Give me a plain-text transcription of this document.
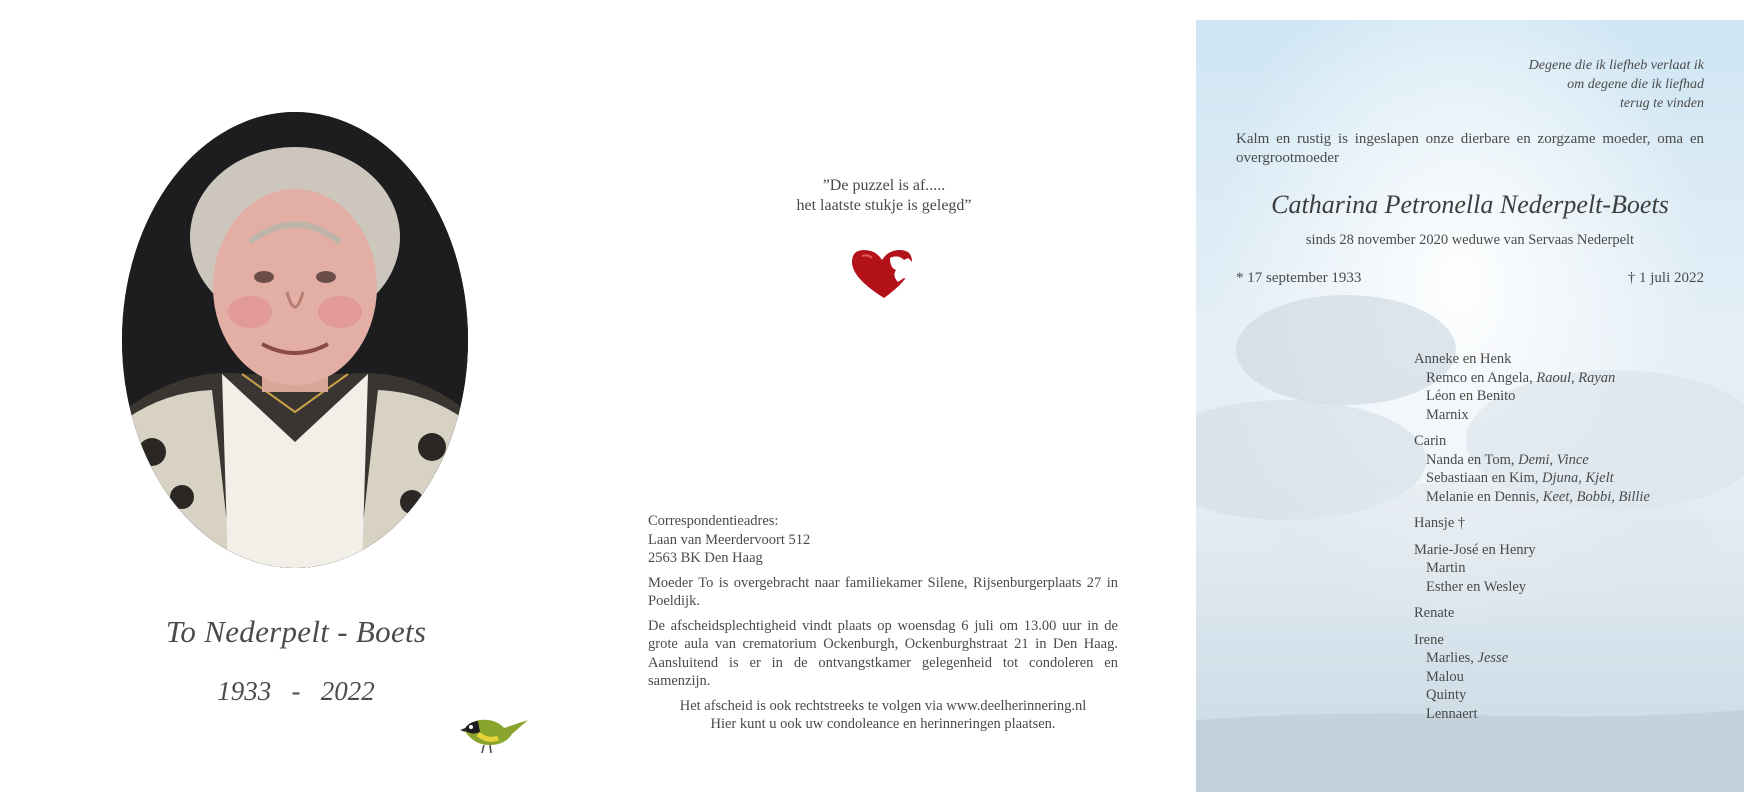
To Nederpelt - Boets
1933   -   2022
”De puzzel is af.....
het laatste stukje is gelegd”
Correspondentieadres:
Laan van Meerdervoort 512
2563 BK Den Haag

Moeder To is overgebracht naar familiekamer Silene, Rijsenburgerplaats 27 in Poeldijk.

De afscheidsplechtigheid vindt plaats op woensdag 6 juli om 13.00 uur in de grote aula van crematorium Ockenburgh, Ockenburghstraat 21 in Den Haag. Aansluitend is er in de ontvangstkamer gelegenheid tot condoleren en samenzijn.

Het afscheid is ook rechtstreeks te volgen via www.deelherinnering.nl
Hier kunt u ook uw condoleance en herinneringen plaatsen.
Degene die ik liefheb verlaat ik
om degene die ik liefhad
terug te vinden
Kalm en rustig is ingeslapen onze dierbare en zorgzame moeder, oma en overgrootmoeder
Catharina Petronella Nederpelt-Boets
sinds 28 november 2020 weduwe van Servaas Nederpelt
* 17 september 1933	† 1 juli 2022
Anneke en Henk
Remco en Angela, Raoul, Rayan
Léon en Benito
Marnix
Carin
Nanda en Tom, Demi, Vince
Sebastiaan en Kim, Djuna, Kjelt
Melanie en Dennis, Keet, Bobbi, Billie
Hansje †
Marie-José en Henry
Martin
Esther en Wesley
Renate
Irene
Marlies, Jesse
Malou
Quinty
Lennaert
